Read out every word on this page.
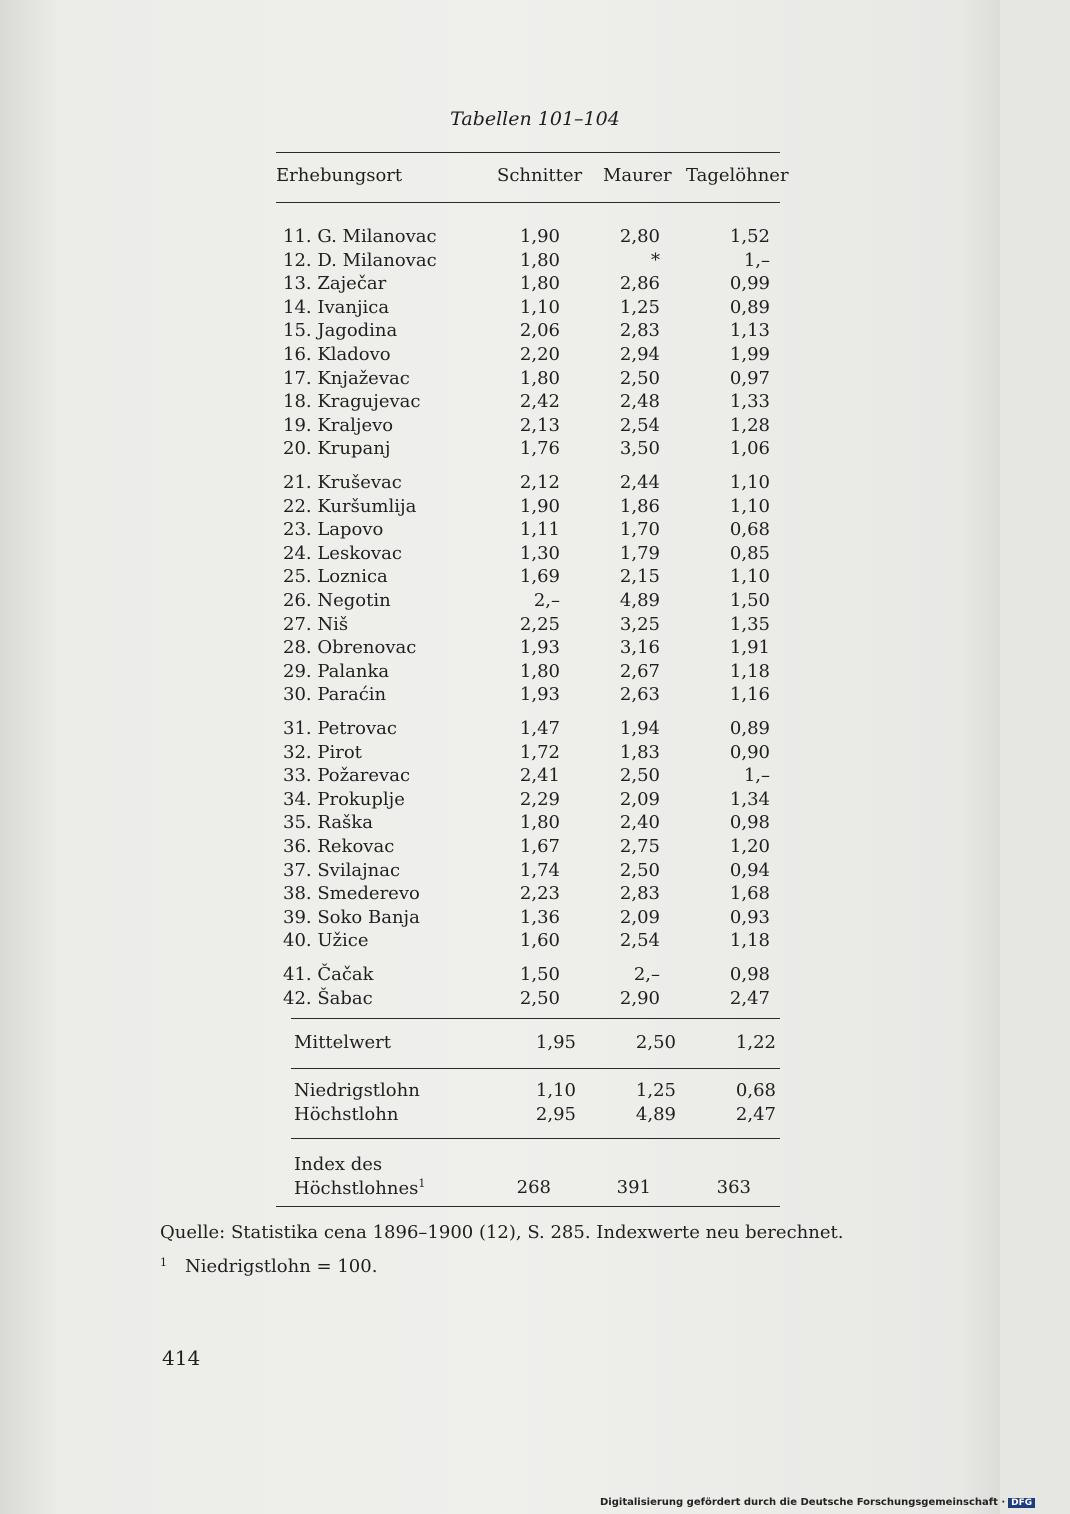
Tabellen 101–104
Erhebungsort	Schnitter Maurer Tagelöhner
11. G. Milanovac	1,90	2,80	1,52
12. D. Milanovac	1,80	*	1,–
13. Zaječar	1,80	2,86	0,99
14. Ivanjica	1,10	1,25	0,89
15. Jagodina	2,06	2,83	1,13
16. Kladovo	2,20	2,94	1,99
17. Knjaževac	1,80	2,50	0,97
18. Kragujevac	2,42	2,48	1,33
19. Kraljevo	2,13	2,54	1,28
20. Krupanj	1,76	3,50	1,06
21. Kruševac	2,12	2,44	1,10
22. Kuršumlija	1,90	1,86	1,10
23. Lapovo	1,11	1,70	0,68
24. Leskovac	1,30	1,79	0,85
25. Loznica	1,69	2,15	1,10
26. Negotin	2,–	4,89	1,50
27. Niš	2,25	3,25	1,35
28. Obrenovac	1,93	3,16	1,91
29. Palanka	1,80	2,67	1,18
30. Paraćin	1,93	2,63	1,16
31. Petrovac	1,47	1,94	0,89
32. Pirot	1,72	1,83	0,90
33. Požarevac	2,41	2,50	1,–
34. Prokuplje	2,29	2,09	1,34
35. Raška	1,80	2,40	0,98
36. Rekovac	1,67	2,75	1,20
37. Svilajnac	1,74	2,50	0,94
38. Smederevo	2,23	2,83	1,68
39. Soko Banja	1,36	2,09	0,93
40. Užice	1,60	2,54	1,18
41. Čačak	1,50	2,–	0,98
42. Šabac	2,50	2,90	2,47
Mittelwert	1,95	2,50	1,22
Niedrigstlohn	1,10	1,25	0,68
Höchstlohn	2,95	4,89	2,47
Index des
Höchstlohnes$^1$	268	391	363
Quelle: Statistika cena 1896–1900 (12), S. 285. Indexwerte neu berechnet.
$^1$ Niedrigstlohn = 100.
414
Digitalisierung gefördert durch die Deutsche Forschungsgemeinschaft · DFG
